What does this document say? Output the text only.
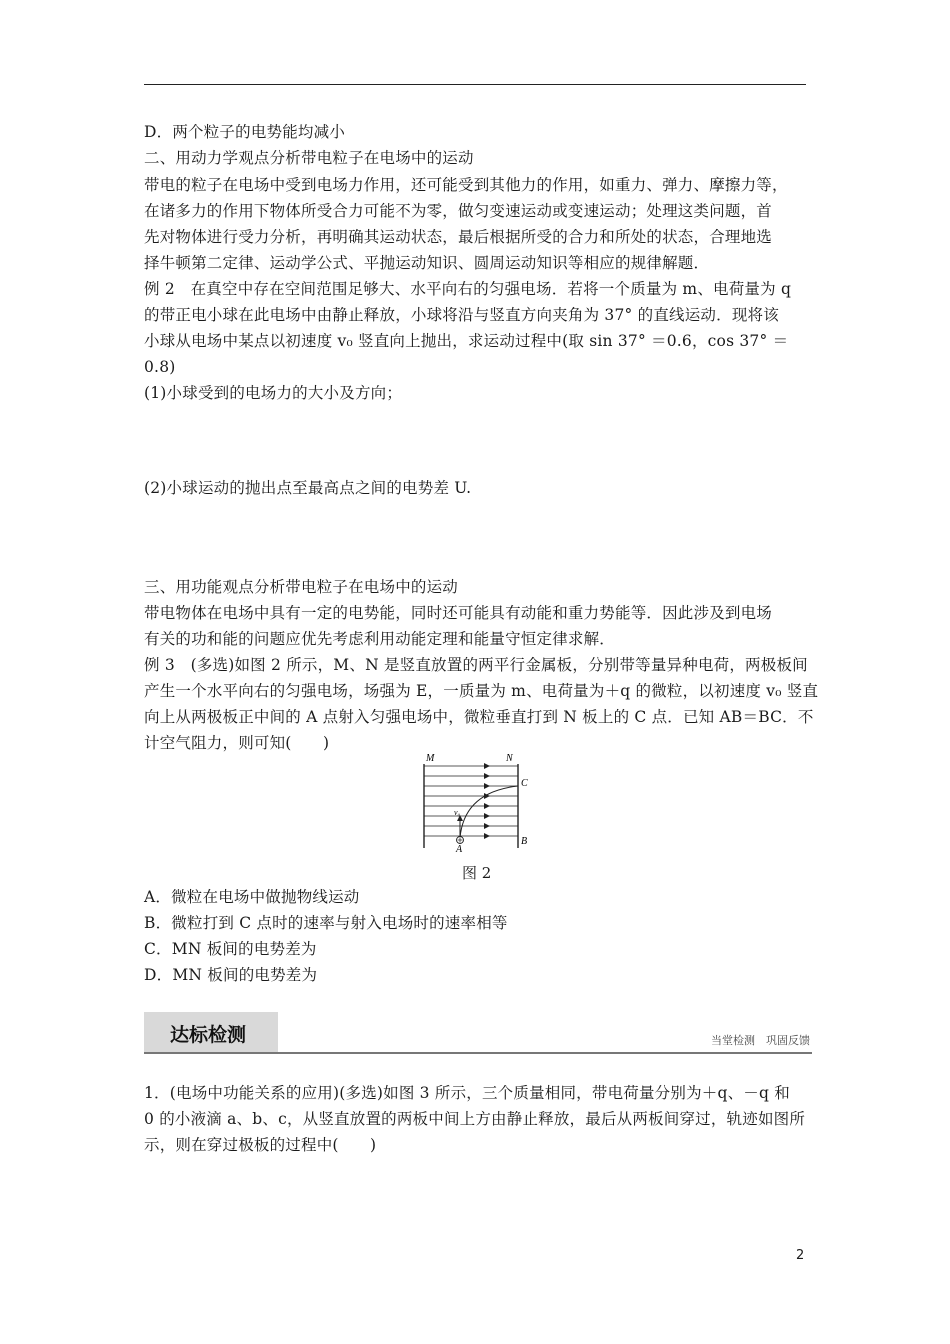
D．两个粒子的电势能均减小
二、用动力学观点分析带电粒子在电场中的运动
带电的粒子在电场中受到电场力作用，还可能受到其他力的作用，如重力、弹力、摩擦力等，
在诸多力的作用下物体所受合力可能不为零，做匀变速运动或变速运动；处理这类问题，首
先对物体进行受力分析，再明确其运动状态，最后根据所受的合力和所处的状态，合理地选
择牛顿第二定律、运动学公式、平抛运动知识、圆周运动知识等相应的规律解题．
例 2　在真空中存在空间范围足够大、水平向右的匀强电场．若将一个质量为 m、电荷量为 q
的带正电小球在此电场中由静止释放，小球将沿与竖直方向夹角为 37° 的直线运动．现将该
小球从电场中某点以初速度 v₀ 竖直向上抛出，求运动过程中(取 sin 37° ＝0.6，cos 37° ＝
0.8)
(1)小球受到的电场力的大小及方向；
(2)小球运动的抛出点至最高点之间的电势差 U.
三、用功能观点分析带电粒子在电场中的运动
带电物体在电场中具有一定的电势能，同时还可能具有动能和重力势能等．因此涉及到电场
有关的功和能的问题应优先考虑利用动能定理和能量守恒定律求解．
例 3　(多选)如图 2 所示，M、N 是竖直放置的两平行金属板，分别带等量异种电荷，两极板间
产生一个水平向右的匀强电场，场强为 E，一质量为 m、电荷量为＋q 的微粒，以初速度 v₀ 竖直
向上从两极板正中间的 A 点射入匀强电场中，微粒垂直打到 N 板上的 C 点．已知 AB＝BC．不
计空气阻力，则可知(　　)
M	N
C
B
A
v₀
图 2
A．微粒在电场中做抛物线运动
B．微粒打到 C 点时的速率与射入电场时的速率相等
C．MN 板间的电势差为
D．MN 板间的电势差为
达标检测	当堂检测　巩固反馈
1．(电场中功能关系的应用)(多选)如图 3 所示，三个质量相同，带电荷量分别为＋q、－q 和
0 的小液滴 a、b、c，从竖直放置的两板中间上方由静止释放，最后从两板间穿过，轨迹如图所
示，则在穿过极板的过程中(　　)
2
